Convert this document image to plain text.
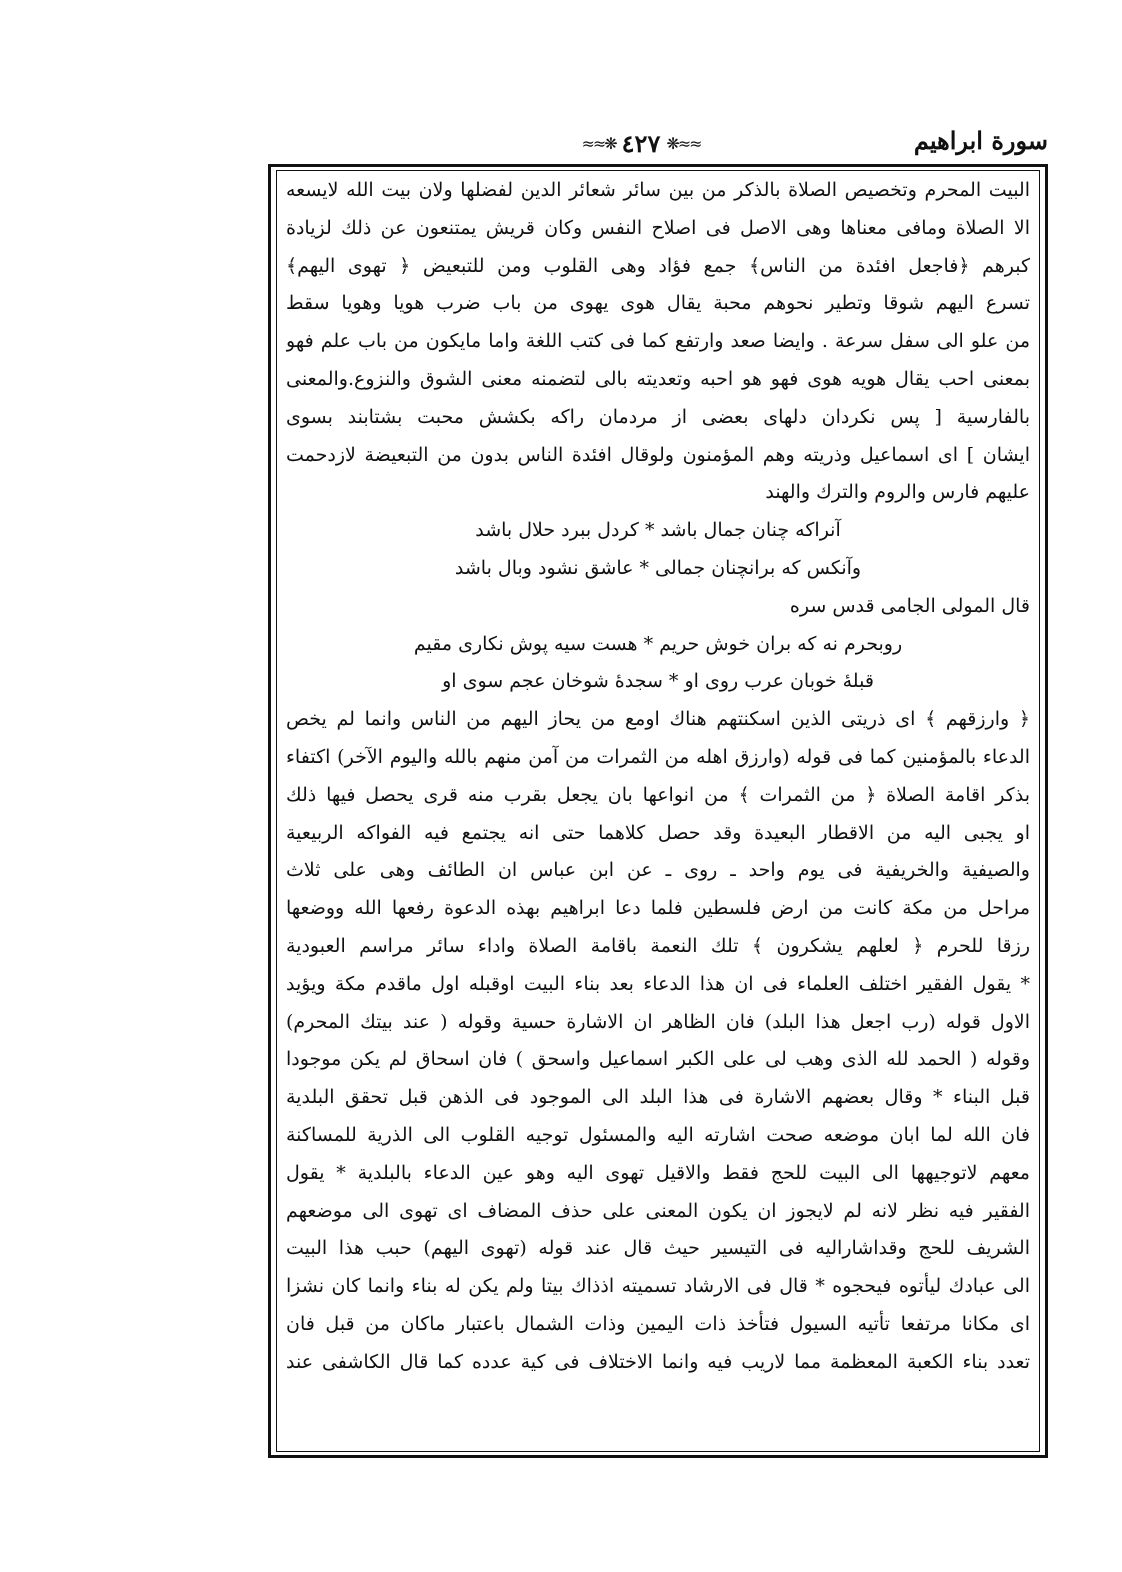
سورة ابراهيم
≈≈❋ ٤٢٧ ❋≈≈
البيت المحرم وتخصيص الصلاة بالذكر من بين سائر شعائر الدين لفضلها ولان بيت الله لايسعه
الا الصلاة ومافى معناها وهى الاصل فى اصلاح النفس وكان قريش يمتنعون عن ذلك لزيادة
كبرهم ﴿فاجعل افئدة من الناس﴾ جمع فؤاد وهى القلوب ومن للتبعيض ﴿ تهوى اليهم﴾
تسرع اليهم شوقا وتطير نحوهم محبة يقال هوى يهوى من باب ضرب هويا وهويا سقط
من علو الى سفل سرعة . وايضا صعد وارتفع كما فى كتب اللغة واما مايكون من باب علم فهو
بمعنى احب يقال هويه هوى فهو هو احبه وتعديته بالى لتضمنه معنى الشوق والنزوع.والمعنى
بالفارسية [ پس نكردان دلهاى بعضى از مردمان راكه بكشش محبت بشتابند بسوى
ايشان ] اى اسماعيل وذريته وهم المؤمنون ولوقال افئدة الناس بدون من التبعيضة لازدحمت
عليهم فارس والروم والترك والهند
آنراكه چنان جمال باشد * كردل ببرد حلال باشد
وآنكس كه برانچنان جمالى * عاشق نشود وبال باشد
قال المولى الجامى قدس سره
روبحرم نه كه بران خوش حريم * هست سيه پوش نكارى مقيم
قبلهٔ خوبان عرب روى او * سجدهٔ شوخان عجم سوى او
﴿ وارزقهم ﴾ اى ذريتى الذين اسكنتهم هناك اومع من يحاز اليهم من الناس وانما لم يخص
الدعاء بالمؤمنين كما فى قوله (وارزق اهله من الثمرات من آمن منهم بالله واليوم الآخر) اكتفاء
بذكر اقامة الصلاة ﴿ من الثمرات ﴾ من انواعها بان يجعل بقرب منه قرى يحصل فيها ذلك
او يجبى اليه من الاقطار البعيدة وقد حصل كلاهما حتى انه يجتمع فيه الفواكه الربيعية
والصيفية والخريفية فى يوم واحد ـ روى ـ عن ابن عباس ان الطائف وهى على ثلاث
مراحل من مكة كانت من ارض فلسطين فلما دعا ابراهيم بهذه الدعوة رفعها الله ووضعها
رزقا للحرم ﴿ لعلهم يشكرون ﴾ تلك النعمة باقامة الصلاة واداء سائر مراسم العبودية
* يقول الفقير اختلف العلماء فى ان هذا الدعاء بعد بناء البيت اوقبله اول ماقدم مكة ويؤيد
الاول قوله (رب اجعل هذا البلد) فان الظاهر ان الاشارة حسية وقوله ( عند بيتك المحرم)
وقوله ( الحمد لله الذى وهب لى على الكبر اسماعيل واسحق ) فان اسحاق لم يكن موجودا
قبل البناء * وقال بعضهم الاشارة فى هذا البلد الى الموجود فى الذهن قبل تحقق البلدية
فان الله لما ابان موضعه صحت اشارته اليه والمسئول توجيه القلوب الى الذرية للمساكنة
معهم لاتوجيهها الى البيت للحج فقط والاقيل تهوى اليه وهو عين الدعاء بالبلدية * يقول
الفقير فيه نظر لانه لم لايجوز ان يكون المعنى على حذف المضاف اى تهوى الى موضعهم
الشريف للحج وقداشاراليه فى التيسير حيث قال عند قوله (تهوى اليهم) حبب هذا البيت
الى عبادك ليأتوه فيحجوه * قال فى الارشاد تسميته اذذاك بيتا ولم يكن له بناء وانما كان نشزا
اى مكانا مرتفعا تأتيه السيول فتأخذ ذات اليمين وذات الشمال باعتبار ماكان من قبل فان
تعدد بناء الكعبة المعظمة مما لاريب فيه وانما الاختلاف فى كية عدده كما قال الكاشفى عند
